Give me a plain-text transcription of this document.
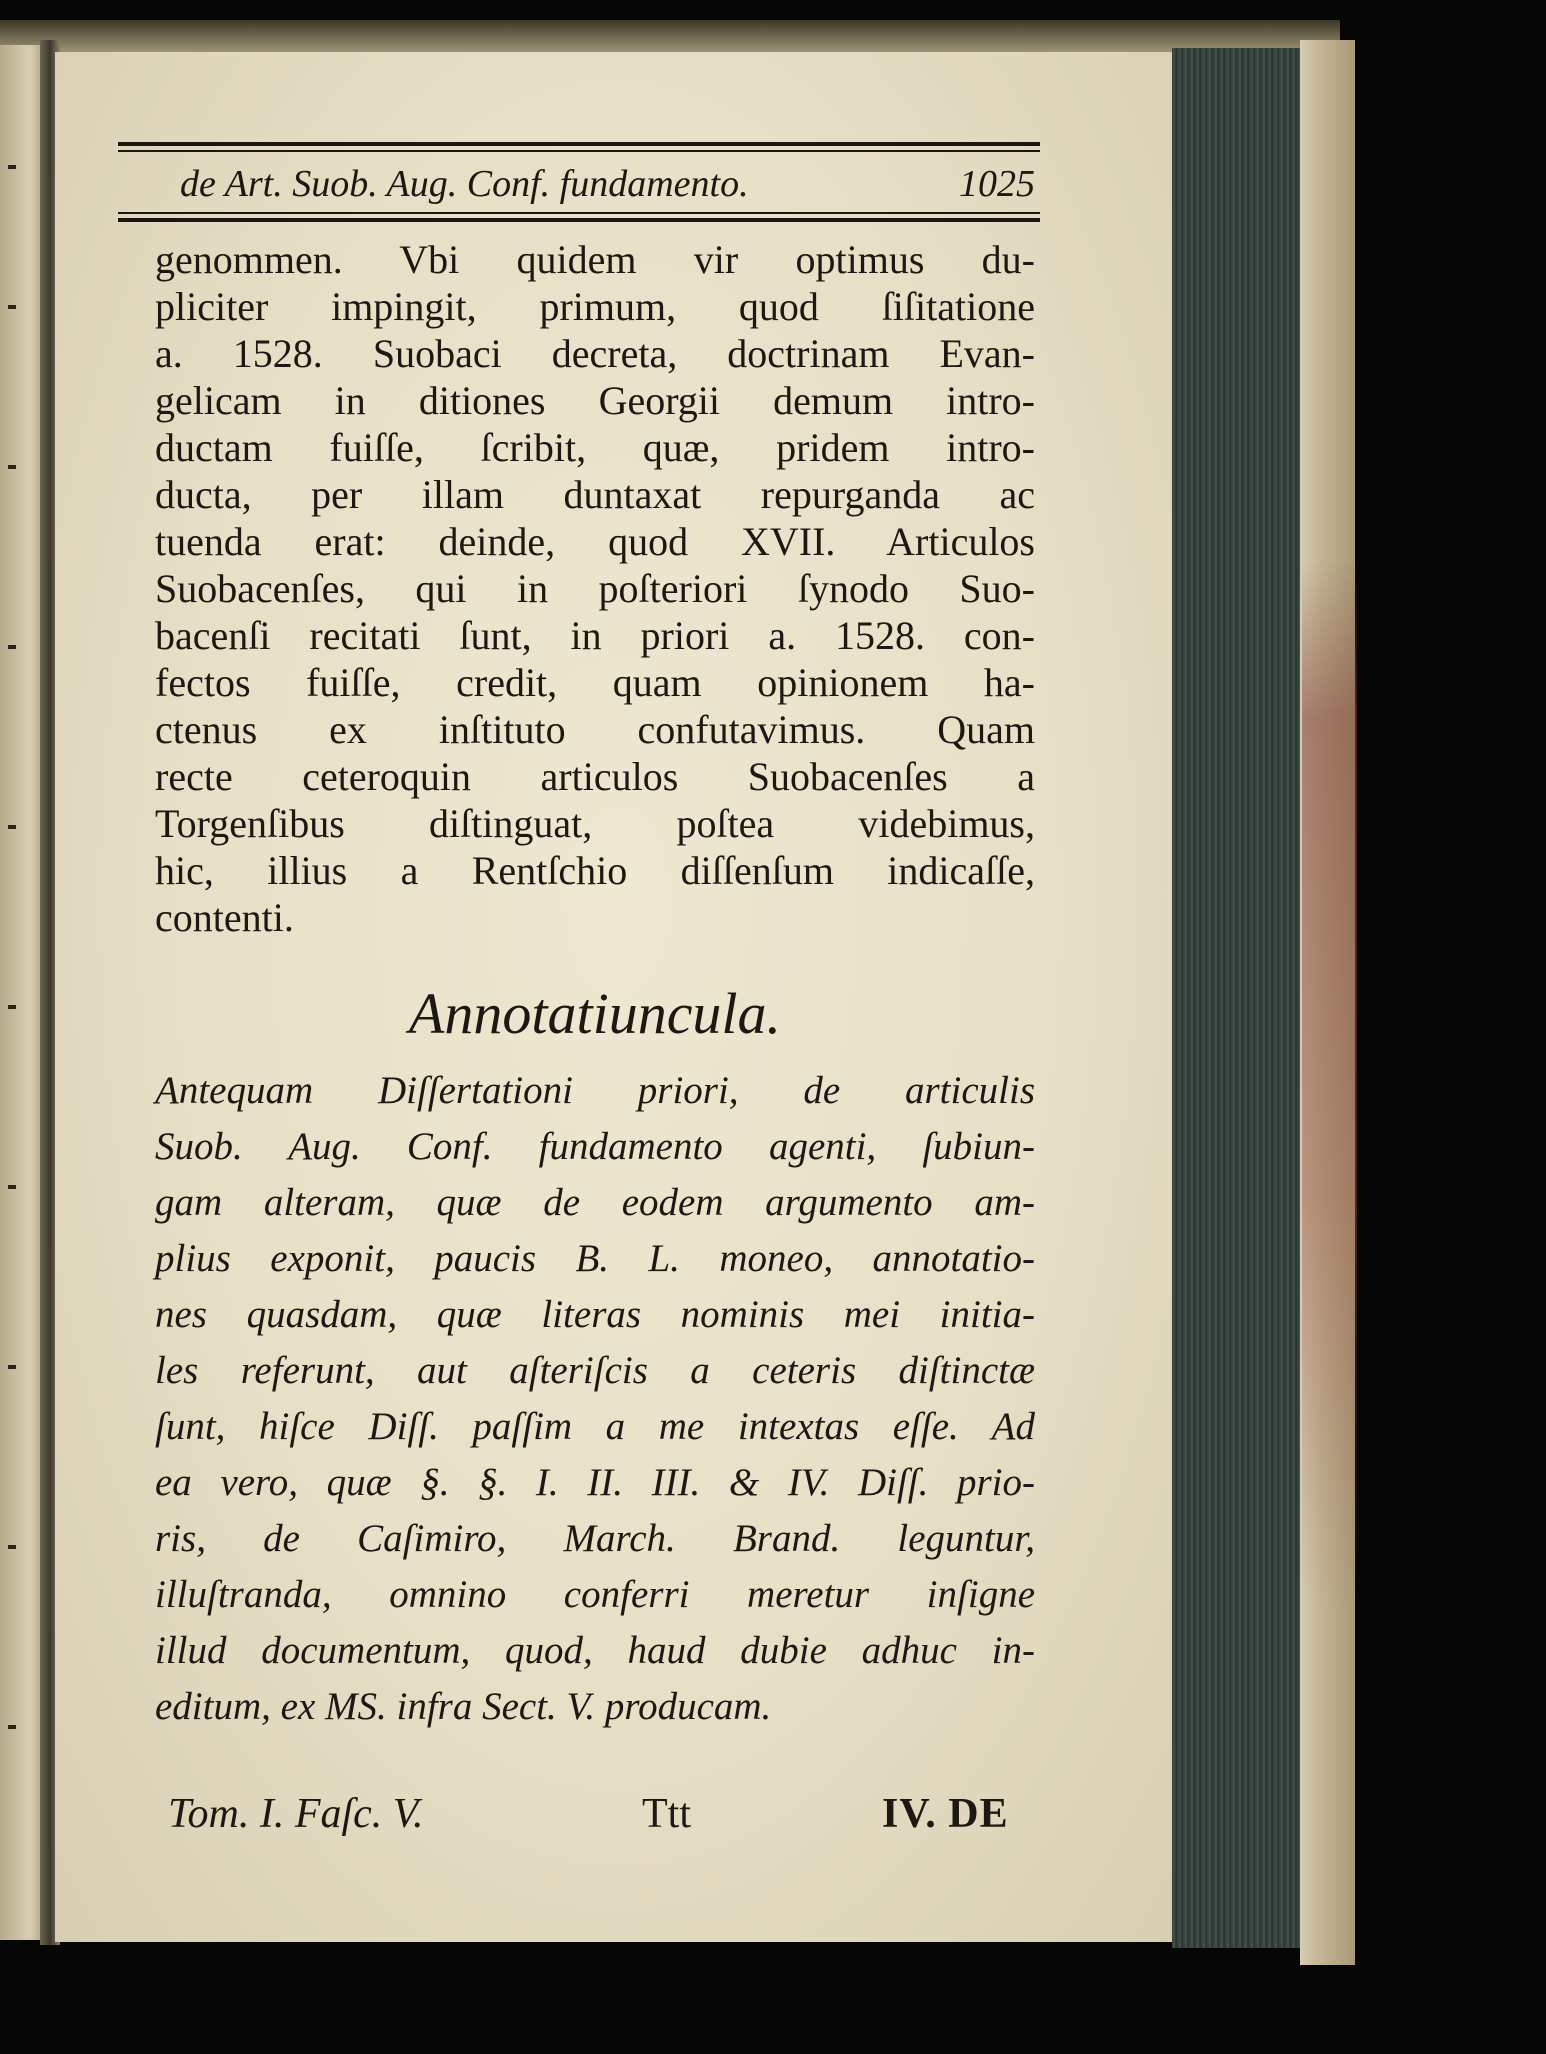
de Art. Suob. Aug. Conf. fundamento.	1025
genommen. Vbi quidem vir optimus du-
pliciter impingit, primum, quod ſiſitatione
a. 1528. Suobaci decreta, doctrinam Evan-
gelicam in ditiones Georgii demum intro-
ductam fuiſſe, ſcribit, quæ, pridem intro-
ducta, per illam duntaxat repurganda ac
tuenda erat: deinde, quod XVII. Articulos
Suobacenſes, qui in poſteriori ſynodo Suo-
bacenſi recitati ſunt, in priori a. 1528. con-
fectos fuiſſe, credit, quam opinionem ha-
ctenus ex inſtituto confutavimus. Quam
recte ceteroquin articulos Suobacenſes a
Torgenſibus diſtinguat, poſtea videbimus,
hic, illius a Rentſchio diſſenſum indicaſſe,
contenti.
Annotatiuncula.
Antequam Diſſertationi priori, de articulis
Suob. Aug. Conf. fundamento agenti, ſubiun-
gam alteram, quæ de eodem argumento am-
plius exponit, paucis B. L. moneo, annotatio-
nes quasdam, quæ literas nominis mei initia-
les referunt, aut aſteriſcis a ceteris diſtinctæ
ſunt, hiſce Diſſ. paſſim a me intextas eſſe. Ad
ea vero, quæ §. §. I. II. III. & IV. Diſſ. prio-
ris, de Caſimiro, March. Brand. leguntur,
illuſtranda, omnino conferri meretur inſigne
illud documentum, quod, haud dubie adhuc in-
editum, ex MS. infra Sect. V. producam.
Tom. I. Faſc. V.	Ttt	IV. DE
